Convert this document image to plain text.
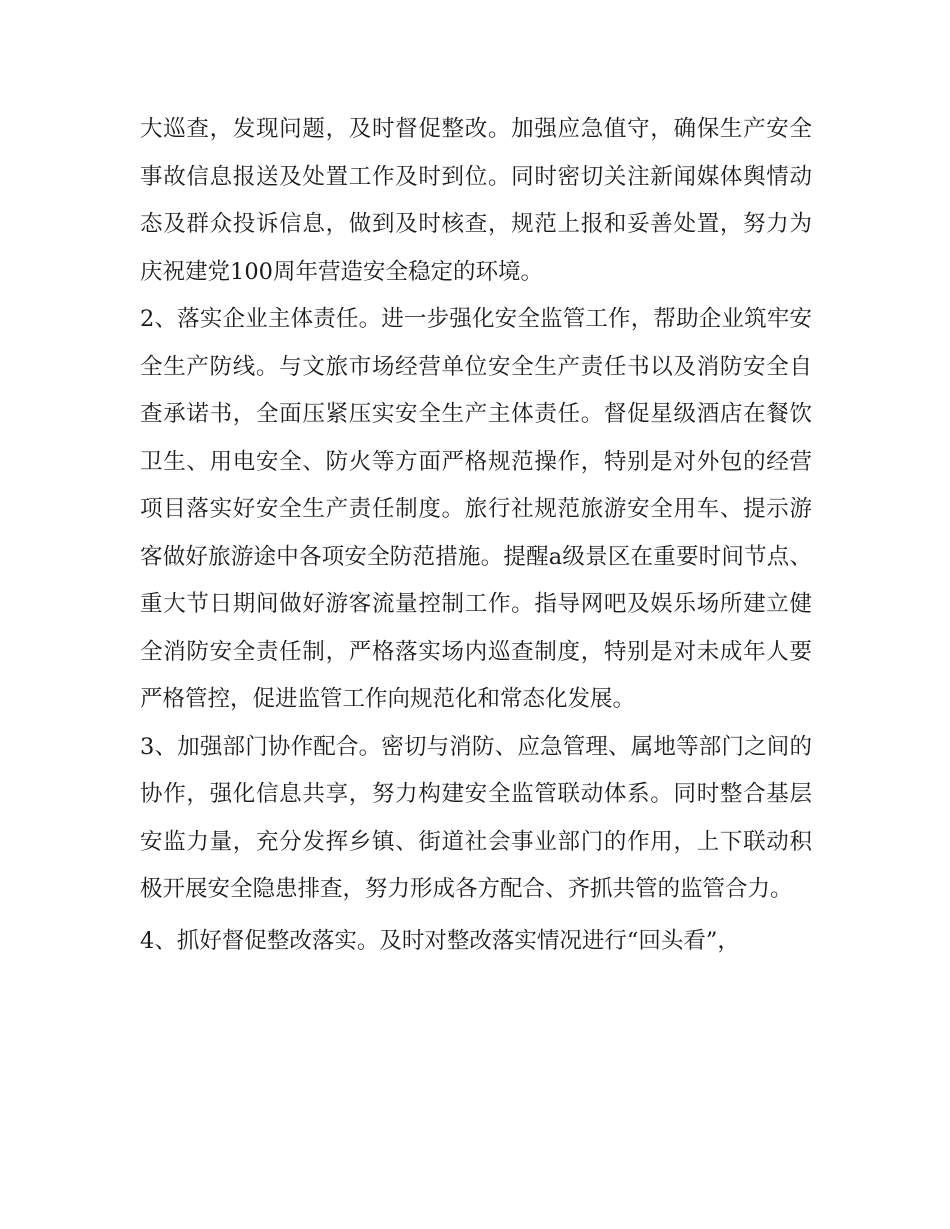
大巡查，发现问题，及时督促整改。加强应急值守，确保生产安全事故信息报送及处置工作及时到位。同时密切关注新闻媒体舆情动态及群众投诉信息，做到及时核查，规范上报和妥善处置，努力为庆祝建党100周年营造安全稳定的环境。

2、落实企业主体责任。进一步强化安全监管工作，帮助企业筑牢安全生产防线。与文旅市场经营单位安全生产责任书以及消防安全自查承诺书，全面压紧压实安全生产主体责任。督促星级酒店在餐饮卫生、用电安全、防火等方面严格规范操作，特别是对外包的经营项目落实好安全生产责任制度。旅行社规范旅游安全用车、提示游客做好旅游途中各项安全防范措施。提醒a级景区在重要时间节点、重大节日期间做好游客流量控制工作。指导网吧及娱乐场所建立健全消防安全责任制，严格落实场内巡查制度，特别是对未成年人要严格管控，促进监管工作向规范化和常态化发展。

3、加强部门协作配合。密切与消防、应急管理、属地等部门之间的协作，强化信息共享，努力构建安全监管联动体系。同时整合基层安监力量，充分发挥乡镇、街道社会事业部门的作用，上下联动积极开展安全隐患排查，努力形成各方配合、齐抓共管的监管合力。

4、抓好督促整改落实。及时对整改落实情况进行“回头看”，
